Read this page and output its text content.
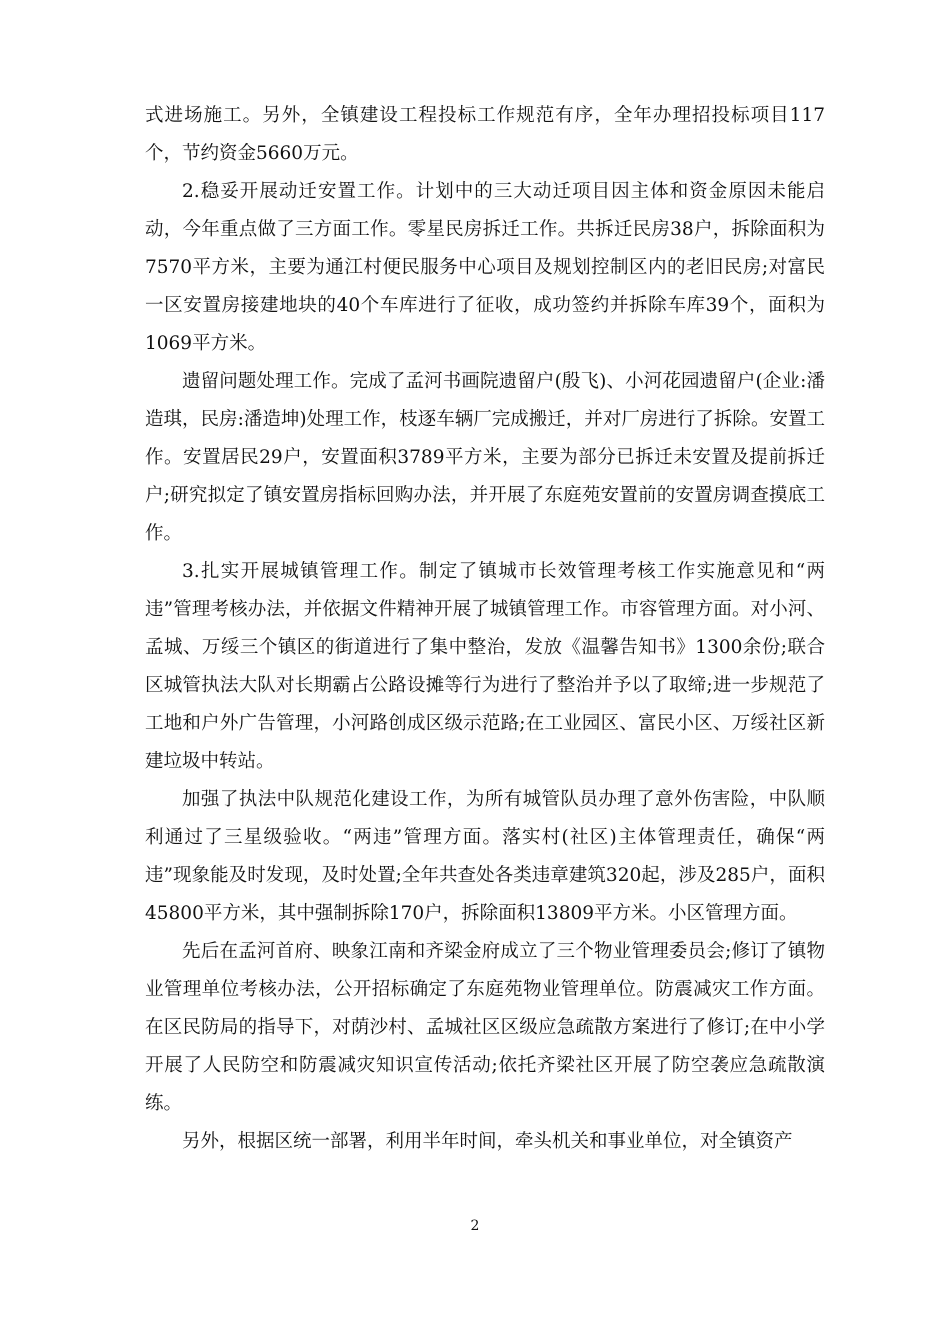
式进场施工。另外，全镇建设工程投标工作规范有序，全年办理招投标项目117个，节约资金5660万元。

2.稳妥开展动迁安置工作。计划中的三大动迁项目因主体和资金原因未能启动，今年重点做了三方面工作。零星民房拆迁工作。共拆迁民房38户，拆除面积为7570平方米，主要为通江村便民服务中心项目及规划控制区内的老旧民房;对富民一区安置房接建地块的40个车库进行了征收，成功签约并拆除车库39个，面积为1069平方米。

遗留问题处理工作。完成了孟河书画院遗留户(殷飞)、小河花园遗留户(企业:潘造琪，民房:潘造坤)处理工作，枝逐车辆厂完成搬迁，并对厂房进行了拆除。安置工作。安置居民29户，安置面积3789平方米，主要为部分已拆迁未安置及提前拆迁户;研究拟定了镇安置房指标回购办法，并开展了东庭苑安置前的安置房调查摸底工作。

3.扎实开展城镇管理工作。制定了镇城市长效管理考核工作实施意见和“两违”管理考核办法，并依据文件精神开展了城镇管理工作。市容管理方面。对小河、孟城、万绥三个镇区的街道进行了集中整治，发放《温馨告知书》1300余份;联合区城管执法大队对长期霸占公路设摊等行为进行了整治并予以了取缔;进一步规范了工地和户外广告管理，小河路创成区级示范路;在工业园区、富民小区、万绥社区新建垃圾中转站。

加强了执法中队规范化建设工作，为所有城管队员办理了意外伤害险，中队顺利通过了三星级验收。“两违”管理方面。落实村(社区)主体管理责任，确保“两违”现象能及时发现，及时处置;全年共查处各类违章建筑320起，涉及285户，面积45800平方米，其中强制拆除170户，拆除面积13809平方米。小区管理方面。

先后在孟河首府、映象江南和齐梁金府成立了三个物业管理委员会;修订了镇物业管理单位考核办法，公开招标确定了东庭苑物业管理单位。防震减灾工作方面。在区民防局的指导下，对荫沙村、孟城社区区级应急疏散方案进行了修订;在中小学开展了人民防空和防震减灾知识宣传活动;依托齐梁社区开展了防空袭应急疏散演练。

另外，根据区统一部署，利用半年时间，牵头机关和事业单位，对全镇资产

2
